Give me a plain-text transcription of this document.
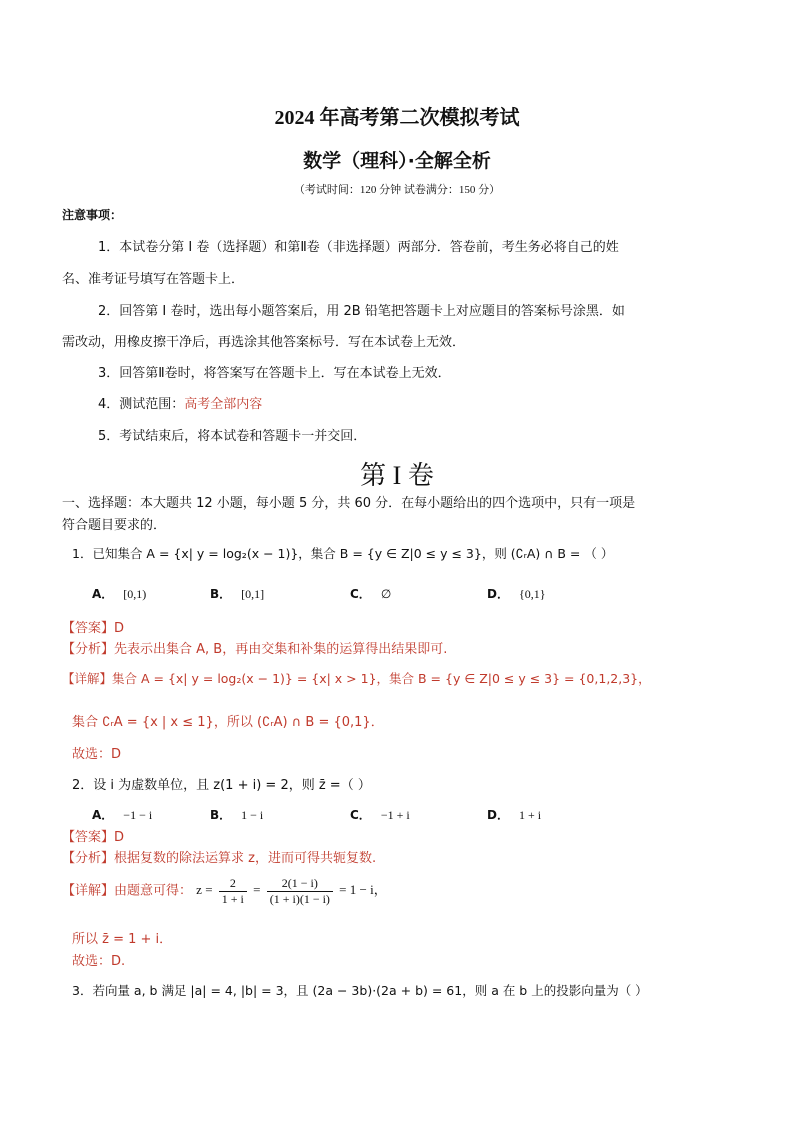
2024 年高考第二次模拟考试
数学（理科）·全解全析
（考试时间：120 分钟 试卷满分：150 分）
注意事项：
1．本试卷分第 I 卷（选择题）和第Ⅱ卷（非选择题）两部分．答卷前，考生务必将自己的姓
名、准考证号填写在答题卡上．
2．回答第 I 卷时，选出每小题答案后，用 2B 铅笔把答题卡上对应题目的答案标号涂黑．如
需改动，用橡皮擦干净后，再选涂其他答案标号．写在本试卷上无效．
3．回答第Ⅱ卷时，将答案写在答题卡上．写在本试卷上无效．
4．测试范围：高考全部内容
5．考试结束后，将本试卷和答题卡一并交回．
第 I 卷
一、选择题：本大题共 12 小题，每小题 5 分，共 60 分．在每小题给出的四个选项中，只有一项是
符合题目要求的．
1．已知集合 A = {x| y = log₂(x − 1)}，集合 B = {y ∈ Z|0 ≤ y ≤ 3}，则 (∁ᵣA) ∩ B = （ ）
A． [0,1)	B． [0,1]	C． ∅	D． {0,1}
【答案】D
【分析】先表示出集合 A, B，再由交集和补集的运算得出结果即可.
【详解】集合 A = {x| y = log₂(x − 1)} = {x| x > 1}，集合 B = {y ∈ Z|0 ≤ y ≤ 3} = {0,1,2,3}，
集合 ∁ᵣA = {x | x ≤ 1}，所以 (∁ᵣA) ∩ B = {0,1}．
故选：D
2．设 i 为虚数单位，且 z(1 + i) = 2，则 z̄ =（ ）
A． −1 − i	B． 1 − i	C． −1 + i	D． 1 + i
【答案】D
【分析】根据复数的除法运算求 z，进而可得共轭复数.
【详解】由题意可得： $z = \frac{2}{1 + i} = \frac{2(1 - i)}{(1 + i)(1 - i)} = 1 - i$，
所以 z̄ = 1 + i．
故选：D.
3．若向量 a, b 满足 |a| = 4, |b| = 3，且 (2a − 3b)·(2a + b) = 61，则 a 在 b 上的投影向量为（ ）
